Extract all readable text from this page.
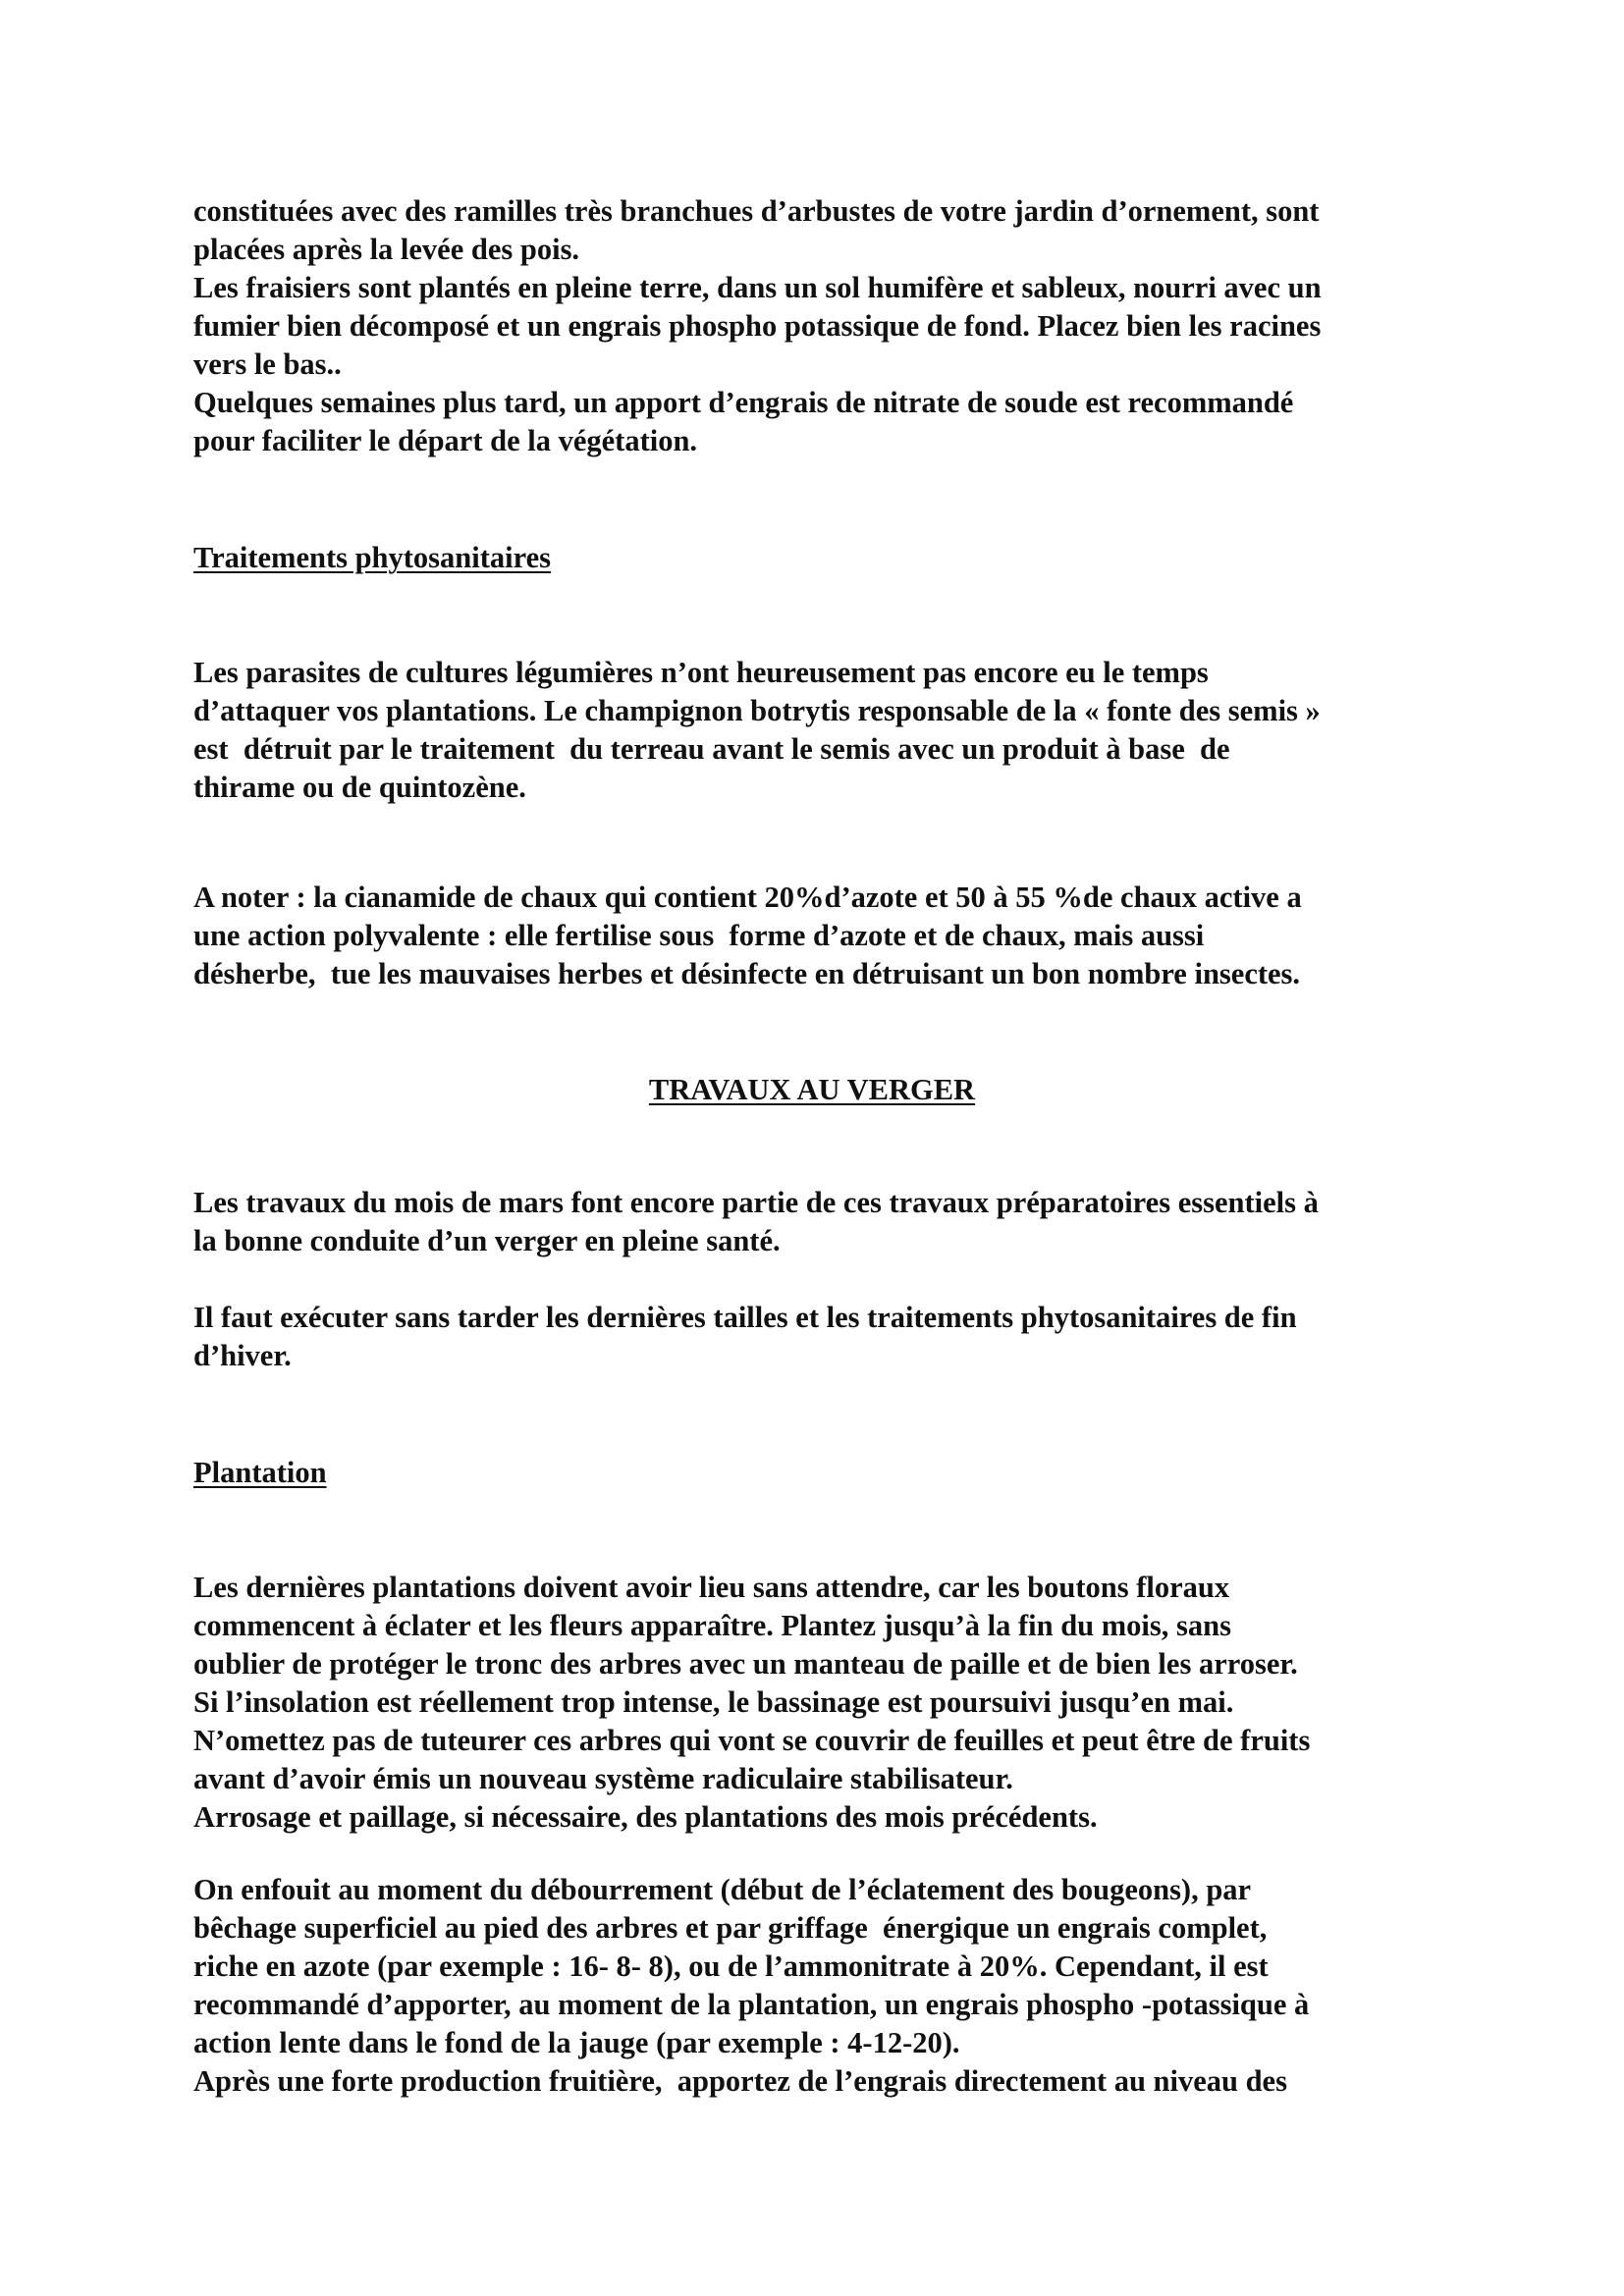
constituées avec des ramilles très branchues d’arbustes de votre jardin d’ornement, sont
placées après la levée des pois.
Les fraisiers sont plantés en pleine terre, dans un sol humifère et sableux, nourri avec un
fumier bien décomposé et un engrais phospho potassique de fond. Placez bien les racines
vers le bas..
Quelques semaines plus tard, un apport d’engrais de nitrate de soude est recommandé
pour faciliter le départ de la végétation.
Traitements phytosanitaires
Les parasites de cultures légumières n’ont heureusement pas encore eu le temps
d’attaquer vos plantations. Le champignon botrytis responsable de la « fonte des semis »
est  détruit par le traitement  du terreau avant le semis avec un produit à base  de
thirame ou de quintozène.
A noter : la cianamide de chaux qui contient 20%d’azote et 50 à 55 %de chaux active a
une action polyvalente : elle fertilise sous  forme d’azote et de chaux, mais aussi
désherbe,  tue les mauvaises herbes et désinfecte en détruisant un bon nombre insectes.
TRAVAUX AU VERGER
Les travaux du mois de mars font encore partie de ces travaux préparatoires essentiels à
la bonne conduite d’un verger en pleine santé.
Il faut exécuter sans tarder les dernières tailles et les traitements phytosanitaires de fin
d’hiver.
Plantation
Les dernières plantations doivent avoir lieu sans attendre, car les boutons floraux
commencent à éclater et les fleurs apparaître. Plantez jusqu’à la fin du mois, sans
oublier de protéger le tronc des arbres avec un manteau de paille et de bien les arroser.
Si l’insolation est réellement trop intense, le bassinage est poursuivi jusqu’en mai.
N’omettez pas de tuteurer ces arbres qui vont se couvrir de feuilles et peut être de fruits
avant d’avoir émis un nouveau système radiculaire stabilisateur.
Arrosage et paillage, si nécessaire, des plantations des mois précédents.
On enfouit au moment du débourrement (début de l’éclatement des bougeons), par
bêchage superficiel au pied des arbres et par griffage  énergique un engrais complet,
riche en azote (par exemple : 16- 8- 8), ou de l’ammonitrate à 20%. Cependant, il est
recommandé d’apporter, au moment de la plantation, un engrais phospho -potassique à
action lente dans le fond de la jauge (par exemple : 4-12-20).
Après une forte production fruitière,  apportez de l’engrais directement au niveau des
